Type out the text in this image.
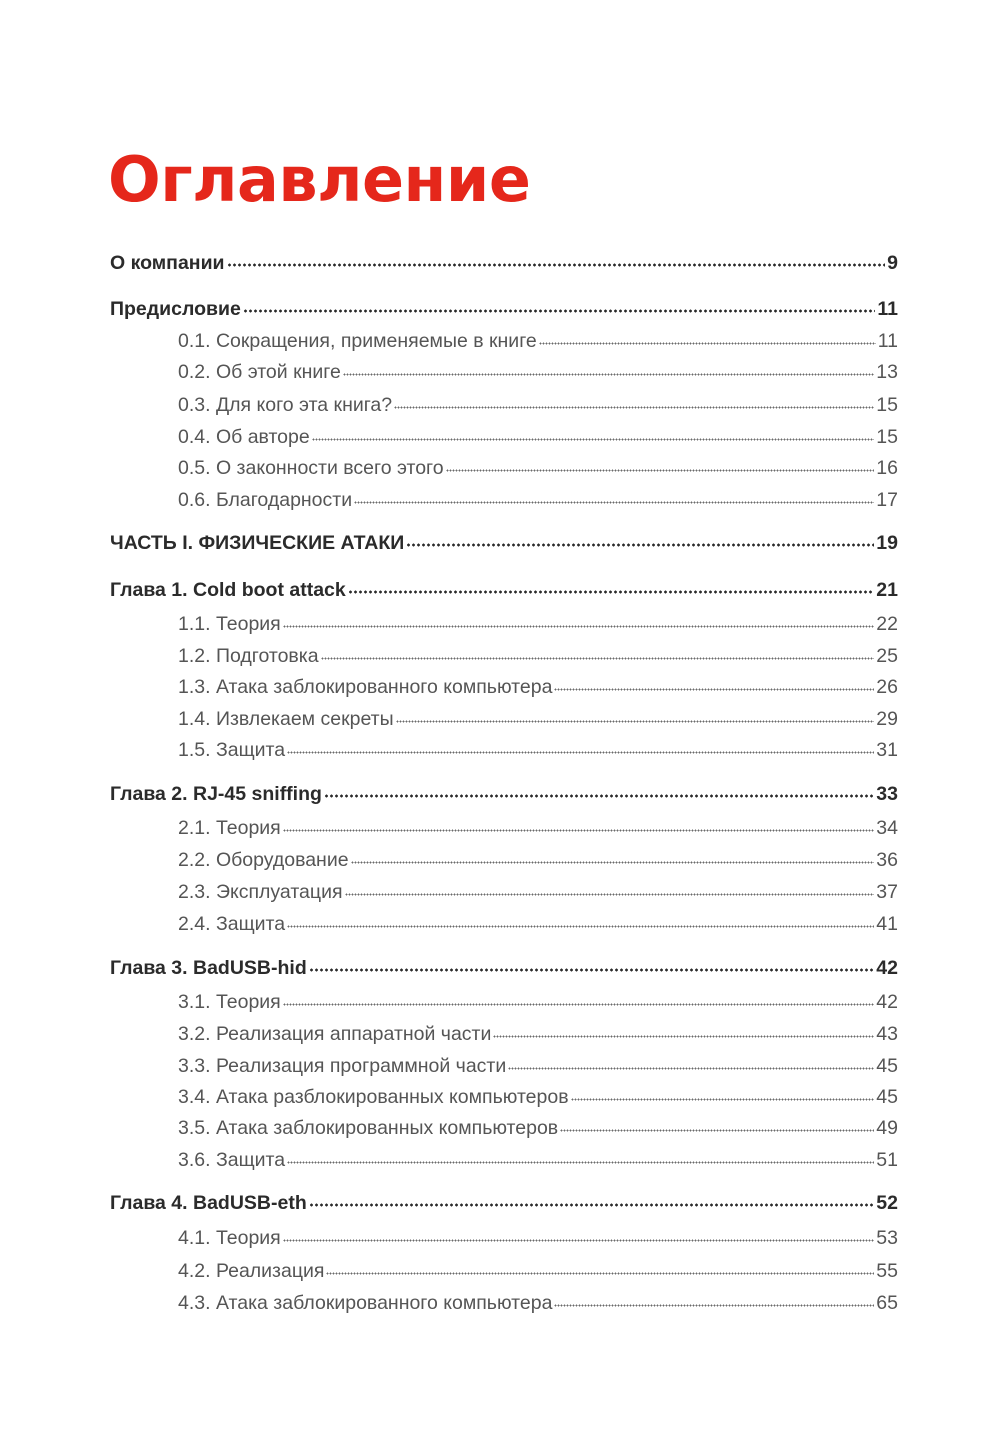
Оглавление
О компании	9
Предисловие	11
0.1. Сокращения, применяемые в книге	11
0.2. Об этой книге	13
0.3. Для кого эта книга?	15
0.4. Об авторе	15
0.5. О законности всего этого	16
0.6. Благодарности	17
ЧАСТЬ I. ФИЗИЧЕСКИЕ АТАКИ	19
Глава 1. Cold boot attack	21
1.1. Теория	22
1.2. Подготовка	25
1.3. Атака заблокированного компьютера	26
1.4. Извлекаем секреты	29
1.5. Защита	31
Глава 2. RJ-45 sniffing	33
2.1. Теория	34
2.2. Оборудование	36
2.3. Эксплуатация	37
2.4. Защита	41
Глава 3. BadUSB-hid	42
3.1. Теория	42
3.2. Реализация аппаратной части	43
3.3. Реализация программной части	45
3.4. Атака разблокированных компьютеров	45
3.5. Атака заблокированных компьютеров	49
3.6. Защита	51
Глава 4. BadUSB-eth	52
4.1. Теория	53
4.2. Реализация	55
4.3. Атака заблокированного компьютера	65
